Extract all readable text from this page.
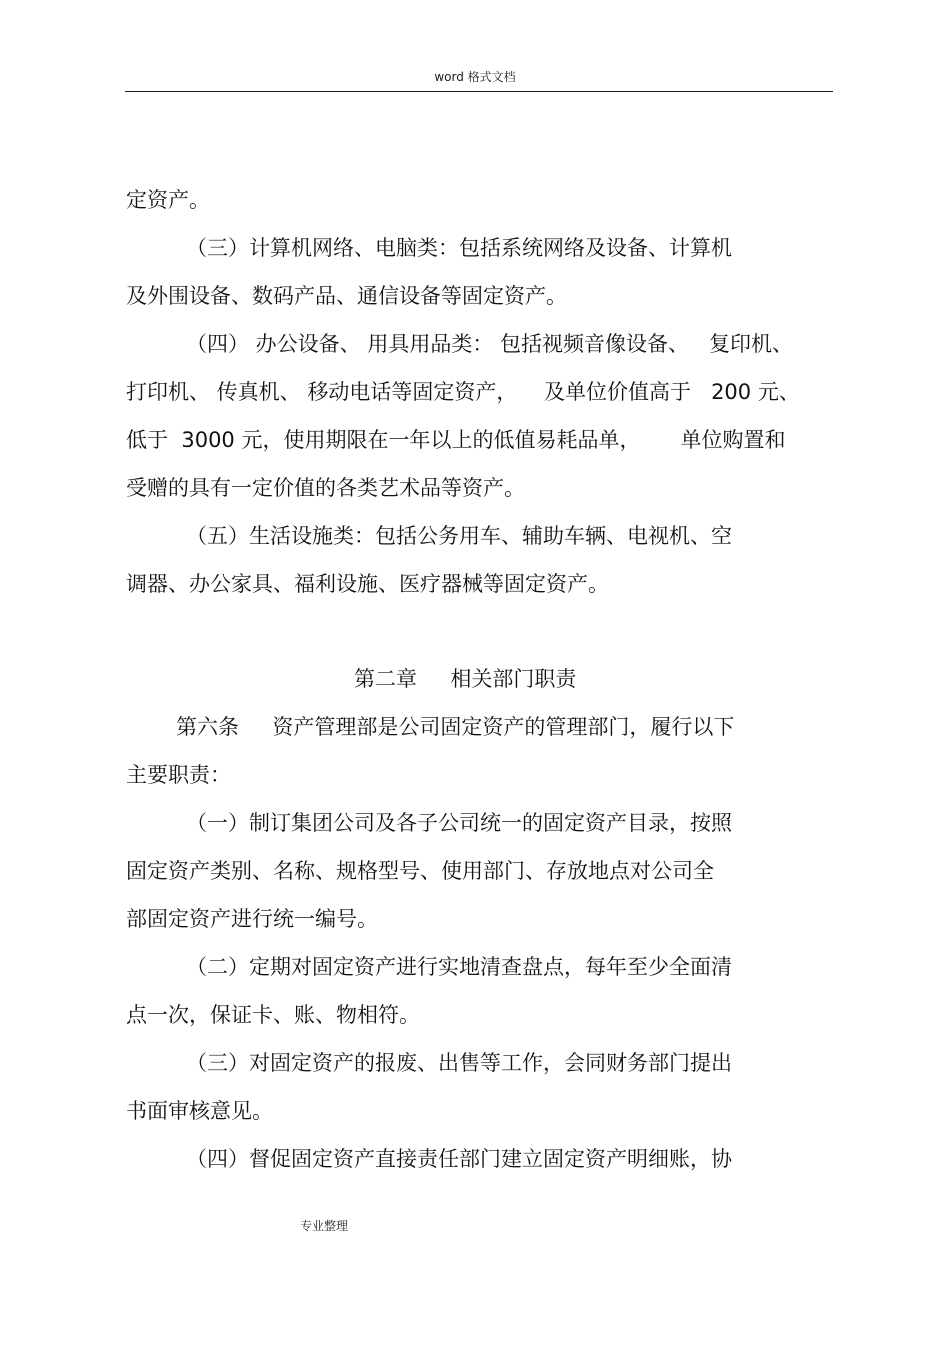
word 格式文档
定资产。
（三）计算机网络、电脑类：包括系统网络及设备、计算机
及外围设备、数码产品、通信设备等固定资产。
（四） 办公设备、 用具用品类： 包括视频音像设备、   复印机、
打印机、 传真机、 移动电话等固定资产，    及单位价值高于   200 元、
低于  3000 元，使用期限在一年以上的低值易耗品单，      单位购置和
受赠的具有一定价值的各类艺术品等资产。
（五）生活设施类：包括公务用车、辅助车辆、电视机、空
调器、办公家具、福利设施、医疗器械等固定资产。
第二章     相关部门职责
第六条     资产管理部是公司固定资产的管理部门，履行以下
主要职责：
（一）制订集团公司及各子公司统一的固定资产目录，按照
固定资产类别、名称、规格型号、使用部门、存放地点对公司全
部固定资产进行统一编号。
（二）定期对固定资产进行实地清查盘点，每年至少全面清
点一次，保证卡、账、物相符。
（三）对固定资产的报废、出售等工作，会同财务部门提出
书面审核意见。
（四）督促固定资产直接责任部门建立固定资产明细账，协
专业整理
